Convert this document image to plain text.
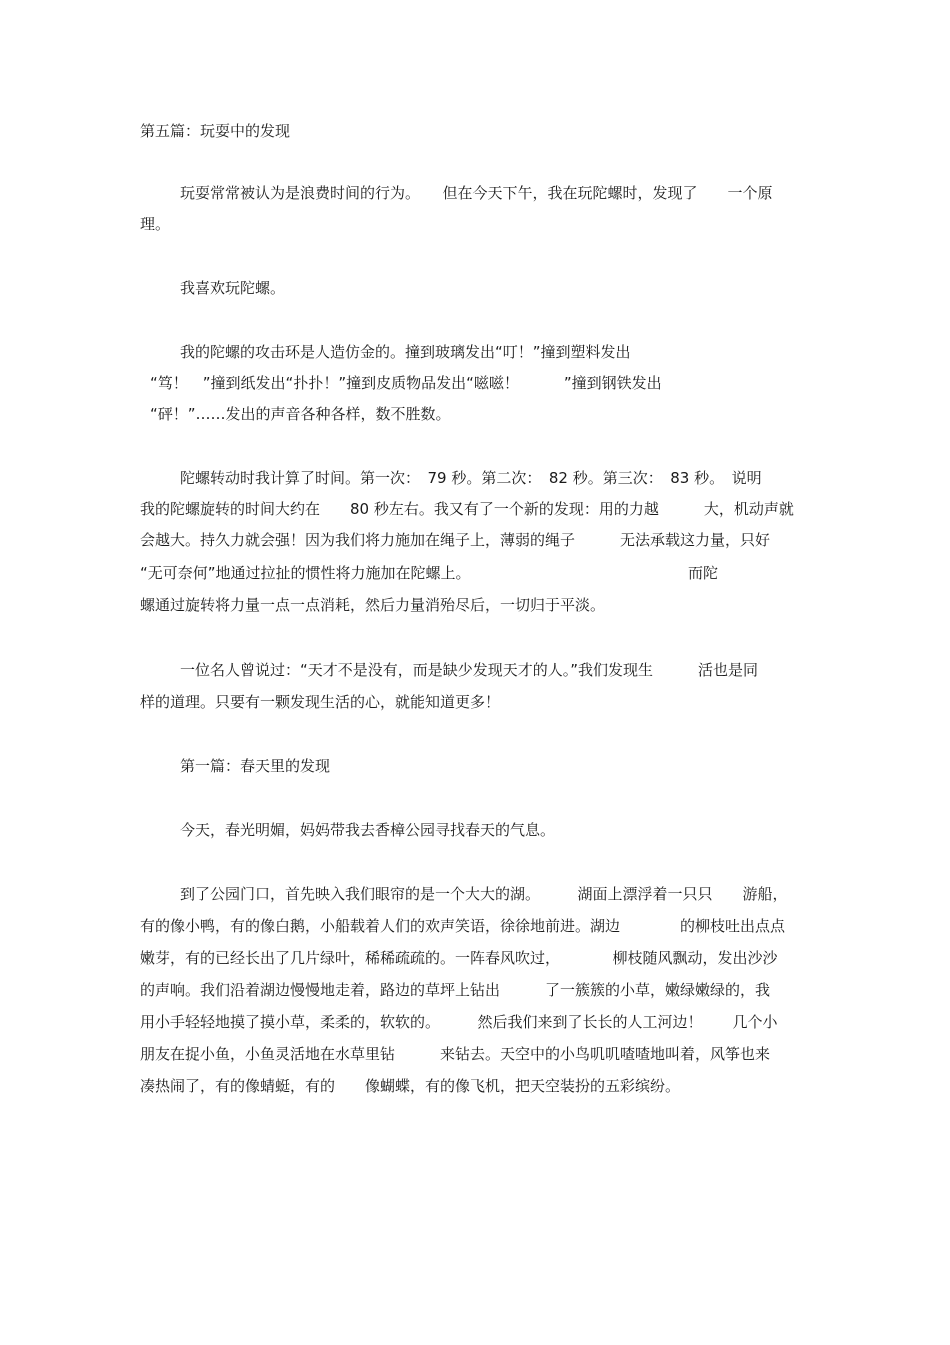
第五篇：玩耍中的发现
玩耍常常被认为是浪费时间的行为。　　但在今天下午，我在玩陀螺时，发现了　　一个原
理。
我喜欢玩陀螺。
我的陀螺的攻击环是人造仿金的。撞到玻璃发出“叮！”撞到塑料发出
“笃！　”撞到纸发出“扑扑！”撞到皮质物品发出“嗞嗞！　　　”撞到钢铁发出
“砰！”……发出的声音各种各样，数不胜数。
陀螺转动时我计算了时间。第一次：　79 秒。第二次：　82 秒。第三次：　83 秒。　说明
我的陀螺旋转的时间大约在　　80 秒左右。我又有了一个新的发现：用的力越　　　大，机动声就
会越大。持久力就会强！因为我们将力施加在绳子上，薄弱的绳子　　　无法承载这力量，只好
“无可奈何”地通过拉扯的惯性将力施加在陀螺上。　　　　　　　　　　　　　　　而陀
螺通过旋转将力量一点一点消耗，然后力量消殆尽后，一切归于平淡。
一位名人曾说过：“天才不是没有，而是缺少发现天才的人。”我们发现生　　　活也是同
样的道理。只要有一颗发现生活的心，就能知道更多！
第一篇：春天里的发现
今天，春光明媚，妈妈带我去香樟公园寻找春天的气息。
到了公园门口，首先映入我们眼帘的是一个大大的湖。　　　湖面上漂浮着一只只　　游船，
有的像小鸭，有的像白鹅，小船载着人们的欢声笑语，徐徐地前进。湖边　　　　的柳枝吐出点点
嫩芽，有的已经长出了几片绿叶，稀稀疏疏的。一阵春风吹过，　　　　柳枝随风飘动，发出沙沙
的声响。我们沿着湖边慢慢地走着，路边的草坪上钻出　　　了一簇簇的小草，嫩绿嫩绿的，我
用小手轻轻地摸了摸小草，柔柔的，软软的。　　　然后我们来到了长长的人工河边！　　几个小
朋友在捉小鱼，小鱼灵活地在水草里钻　　　来钻去。天空中的小鸟叽叽喳喳地叫着，风筝也来
凑热闹了，有的像蜻蜓，有的　　像蝴蝶，有的像飞机，把天空装扮的五彩缤纷。
